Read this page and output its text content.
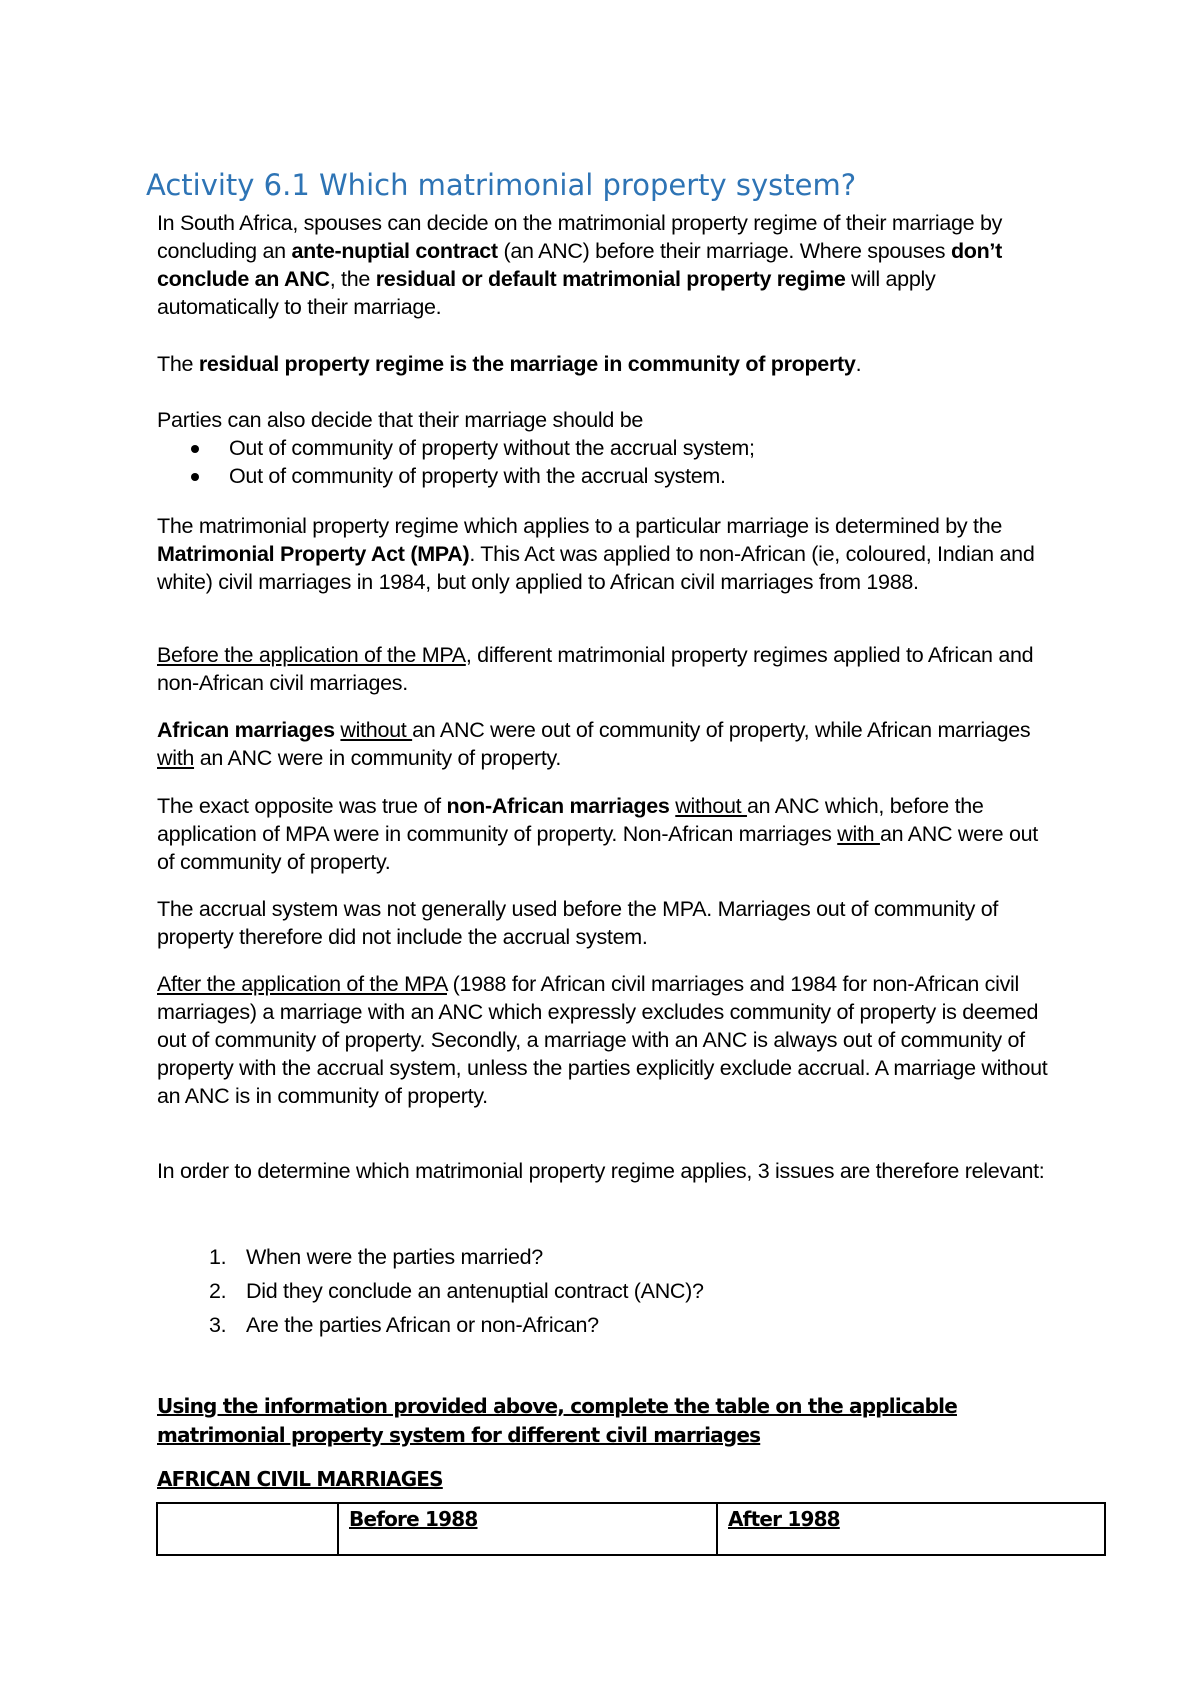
Activity 6.1 Which matrimonial property system?

In South Africa, spouses can decide on the matrimonial property regime of their marriage by concluding an ante-nuptial contract (an ANC) before their marriage. Where spouses don’t conclude an ANC, the residual or default matrimonial property regime will apply automatically to their marriage.

The residual property regime is the marriage in community of property.

Parties can also decide that their marriage should be

Out of community of property without the accrual system;
Out of community of property with the accrual system.

The matrimonial property regime which applies to a particular marriage is determined by the Matrimonial Property Act (MPA). This Act was applied to non-African (ie, coloured, Indian and white) civil marriages in 1984, but only applied to African civil marriages from 1988.

Before the application of the MPA, different matrimonial property regimes applied to African and non-African civil marriages.

African marriages without an ANC were out of community of property, while African marriages with an ANC were in community of property.

The exact opposite was true of non-African marriages without an ANC which, before the application of MPA were in community of property. Non-African marriages with an ANC were out of community of property.

The accrual system was not generally used before the MPA. Marriages out of community of property therefore did not include the accrual system.

After the application of the MPA (1988 for African civil marriages and 1984 for non-African civil marriages) a marriage with an ANC which expressly excludes community of property is deemed out of community of property. Secondly, a marriage with an ANC is always out of community of property with the accrual system, unless the parties explicitly exclude accrual. A marriage without an ANC is in community of property.

In order to determine which matrimonial property regime applies, 3 issues are therefore relevant:

1. When were the parties married?
2. Did they conclude an antenuptial contract (ANC)?
3. Are the parties African or non-African?

Using the information provided above, complete the table on the applicable matrimonial property system for different civil marriages

AFRICAN CIVIL MARRIAGES

	Before 1988	After 1988
